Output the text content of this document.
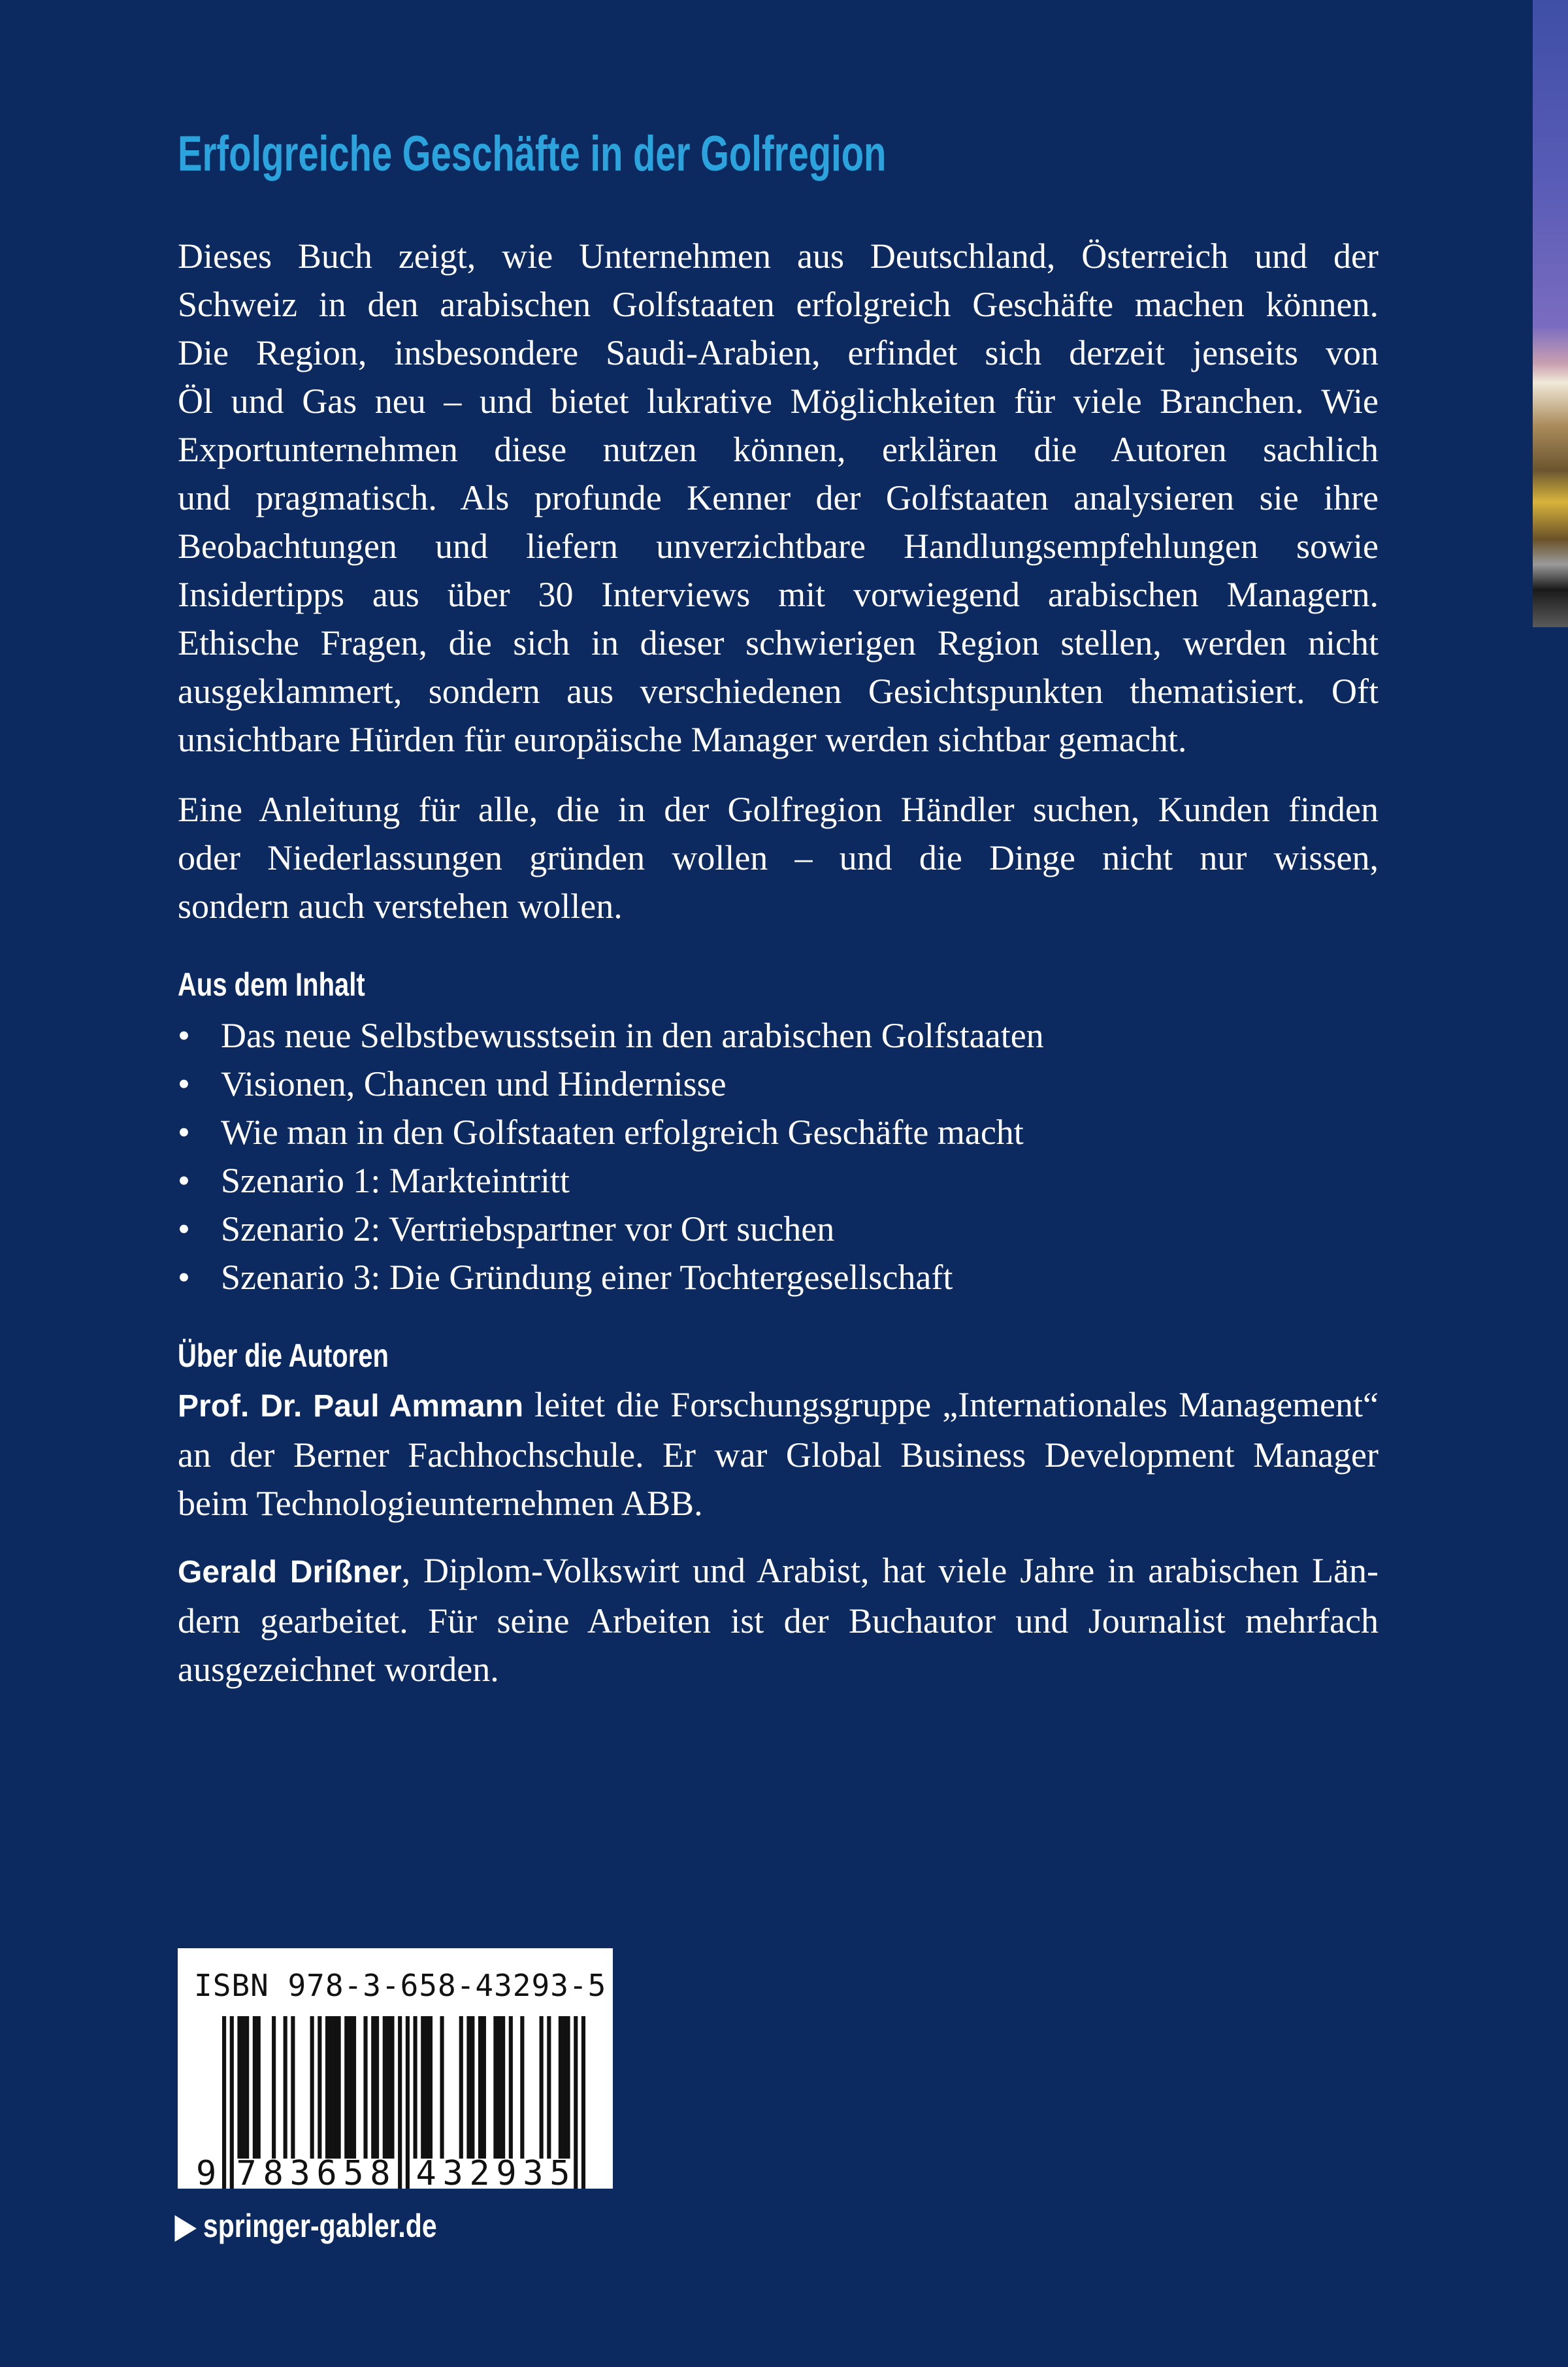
Erfolgreiche Geschäfte in der Golfregion
Dieses Buch zeigt, wie Unternehmen aus Deutschland, Österreich und der
Schweiz in den arabischen Golfstaaten erfolgreich Geschäfte machen können.
Die Region, insbesondere Saudi-Arabien, erfindet sich derzeit jenseits von
Öl und Gas neu – und bietet lukrative Möglichkeiten für viele Branchen. Wie
Exportunternehmen diese nutzen können, erklären die Autoren sachlich
und pragmatisch. Als profunde Kenner der Golfstaaten analysieren sie ihre
Beobachtungen und liefern unverzichtbare Handlungsempfehlungen sowie
Insidertipps aus über 30 Interviews mit vorwiegend arabischen Managern.
Ethische Fragen, die sich in dieser schwierigen Region stellen, werden nicht
ausgeklammert, sondern aus verschiedenen Gesichtspunkten thematisiert. Oft
unsichtbare Hürden für europäische Manager werden sichtbar gemacht.
Eine Anleitung für alle, die in der Golfregion Händler suchen, Kunden finden
oder Niederlassungen gründen wollen – und die Dinge nicht nur wissen,
sondern auch verstehen wollen.
Aus dem Inhalt
• Das neue Selbstbewusstsein in den arabischen Golfstaaten
• Visionen, Chancen und Hindernisse
• Wie man in den Golfstaaten erfolgreich Geschäfte macht
• Szenario 1: Markteintritt
• Szenario 2: Vertriebspartner vor Ort suchen
• Szenario 3: Die Gründung einer Tochtergesellschaft
Über die Autoren
Prof. Dr. Paul Ammann leitet die Forschungsgruppe „Internationales Management“
an der Berner Fachhochschule. Er war Global Business Development Manager
beim Technologieunternehmen ABB.
Gerald Drißner, Diplom-Volkswirt und Arabist, hat viele Jahre in arabischen Län-
dern gearbeitet. Für seine Arbeiten ist der Buchautor und Journalist mehrfach
ausgezeichnet worden.
9 7 8 3 6 5 8 4 3 2 9 3 5
ISBN 978-3-658-43293-5
▶ springer-gabler.de
